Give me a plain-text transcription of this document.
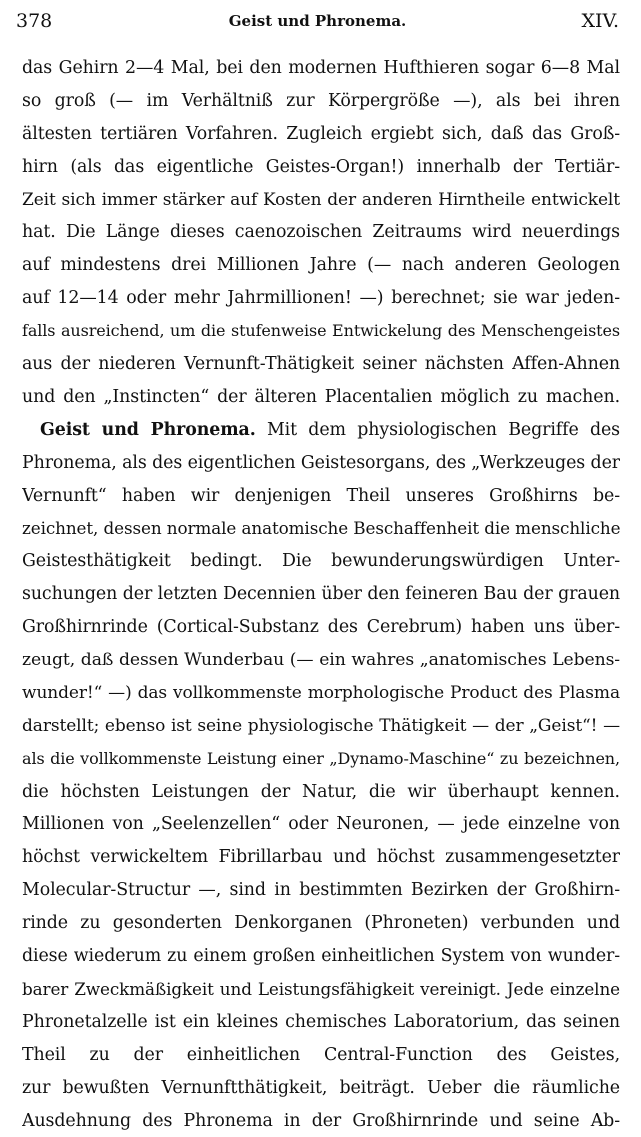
378	Geist und Phronema.	XIV.
das Gehirn 2—4 Mal, bei den modernen Hufthieren sogar 6—8 Mal
so groß (— im Verhältniß zur Körpergröße —), als bei ihren
ältesten tertiären Vorfahren. Zugleich ergiebt sich, daß das Groß-
hirn (als das eigentliche Geistes-Organ!) innerhalb der Tertiär-
Zeit sich immer stärker auf Kosten der anderen Hirntheile entwickelt
hat. Die Länge dieses caenozoischen Zeitraums wird neuerdings
auf mindestens drei Millionen Jahre (— nach anderen Geologen
auf 12—14 oder mehr Jahrmillionen! —) berechnet; sie war jeden-
falls ausreichend, um die stufenweise Entwickelung des Menschengeistes
aus der niederen Vernunft-Thätigkeit seiner nächsten Affen-Ahnen
und den „Instincten“ der älteren Placentalien möglich zu machen.
Geist und Phronema. Mit dem physiologischen Begriffe des
Phronema, als des eigentlichen Geistesorgans, des „Werkzeuges der
Vernunft“ haben wir denjenigen Theil unseres Großhirns be-
zeichnet, dessen normale anatomische Beschaffenheit die menschliche
Geistesthätigkeit bedingt. Die bewunderungswürdigen Unter-
suchungen der letzten Decennien über den feineren Bau der grauen
Großhirnrinde (Cortical-Substanz des Cerebrum) haben uns über-
zeugt, daß dessen Wunderbau (— ein wahres „anatomisches Lebens-
wunder!“ —) das vollkommenste morphologische Product des Plasma
darstellt; ebenso ist seine physiologische Thätigkeit — der „Geist“! —
als die vollkommenste Leistung einer „Dynamo-Maschine“ zu bezeichnen,
die höchsten Leistungen der Natur, die wir überhaupt kennen.
Millionen von „Seelenzellen“ oder Neuronen, — jede einzelne von
höchst verwickeltem Fibrillarbau und höchst zusammengesetzter
Molecular-Structur —, sind in bestimmten Bezirken der Großhirn-
rinde zu gesonderten Denkorganen (Phroneten) verbunden und
diese wiederum zu einem großen einheitlichen System von wunder-
barer Zweckmäßigkeit und Leistungsfähigkeit vereinigt. Jede einzelne
Phronetalzelle ist ein kleines chemisches Laboratorium, das seinen
Theil zu der einheitlichen Central-Function des Geistes,
zur bewußten Vernunftthätigkeit, beiträgt. Ueber die räumliche
Ausdehnung des Phronema in der Großhirnrinde und seine Ab-
